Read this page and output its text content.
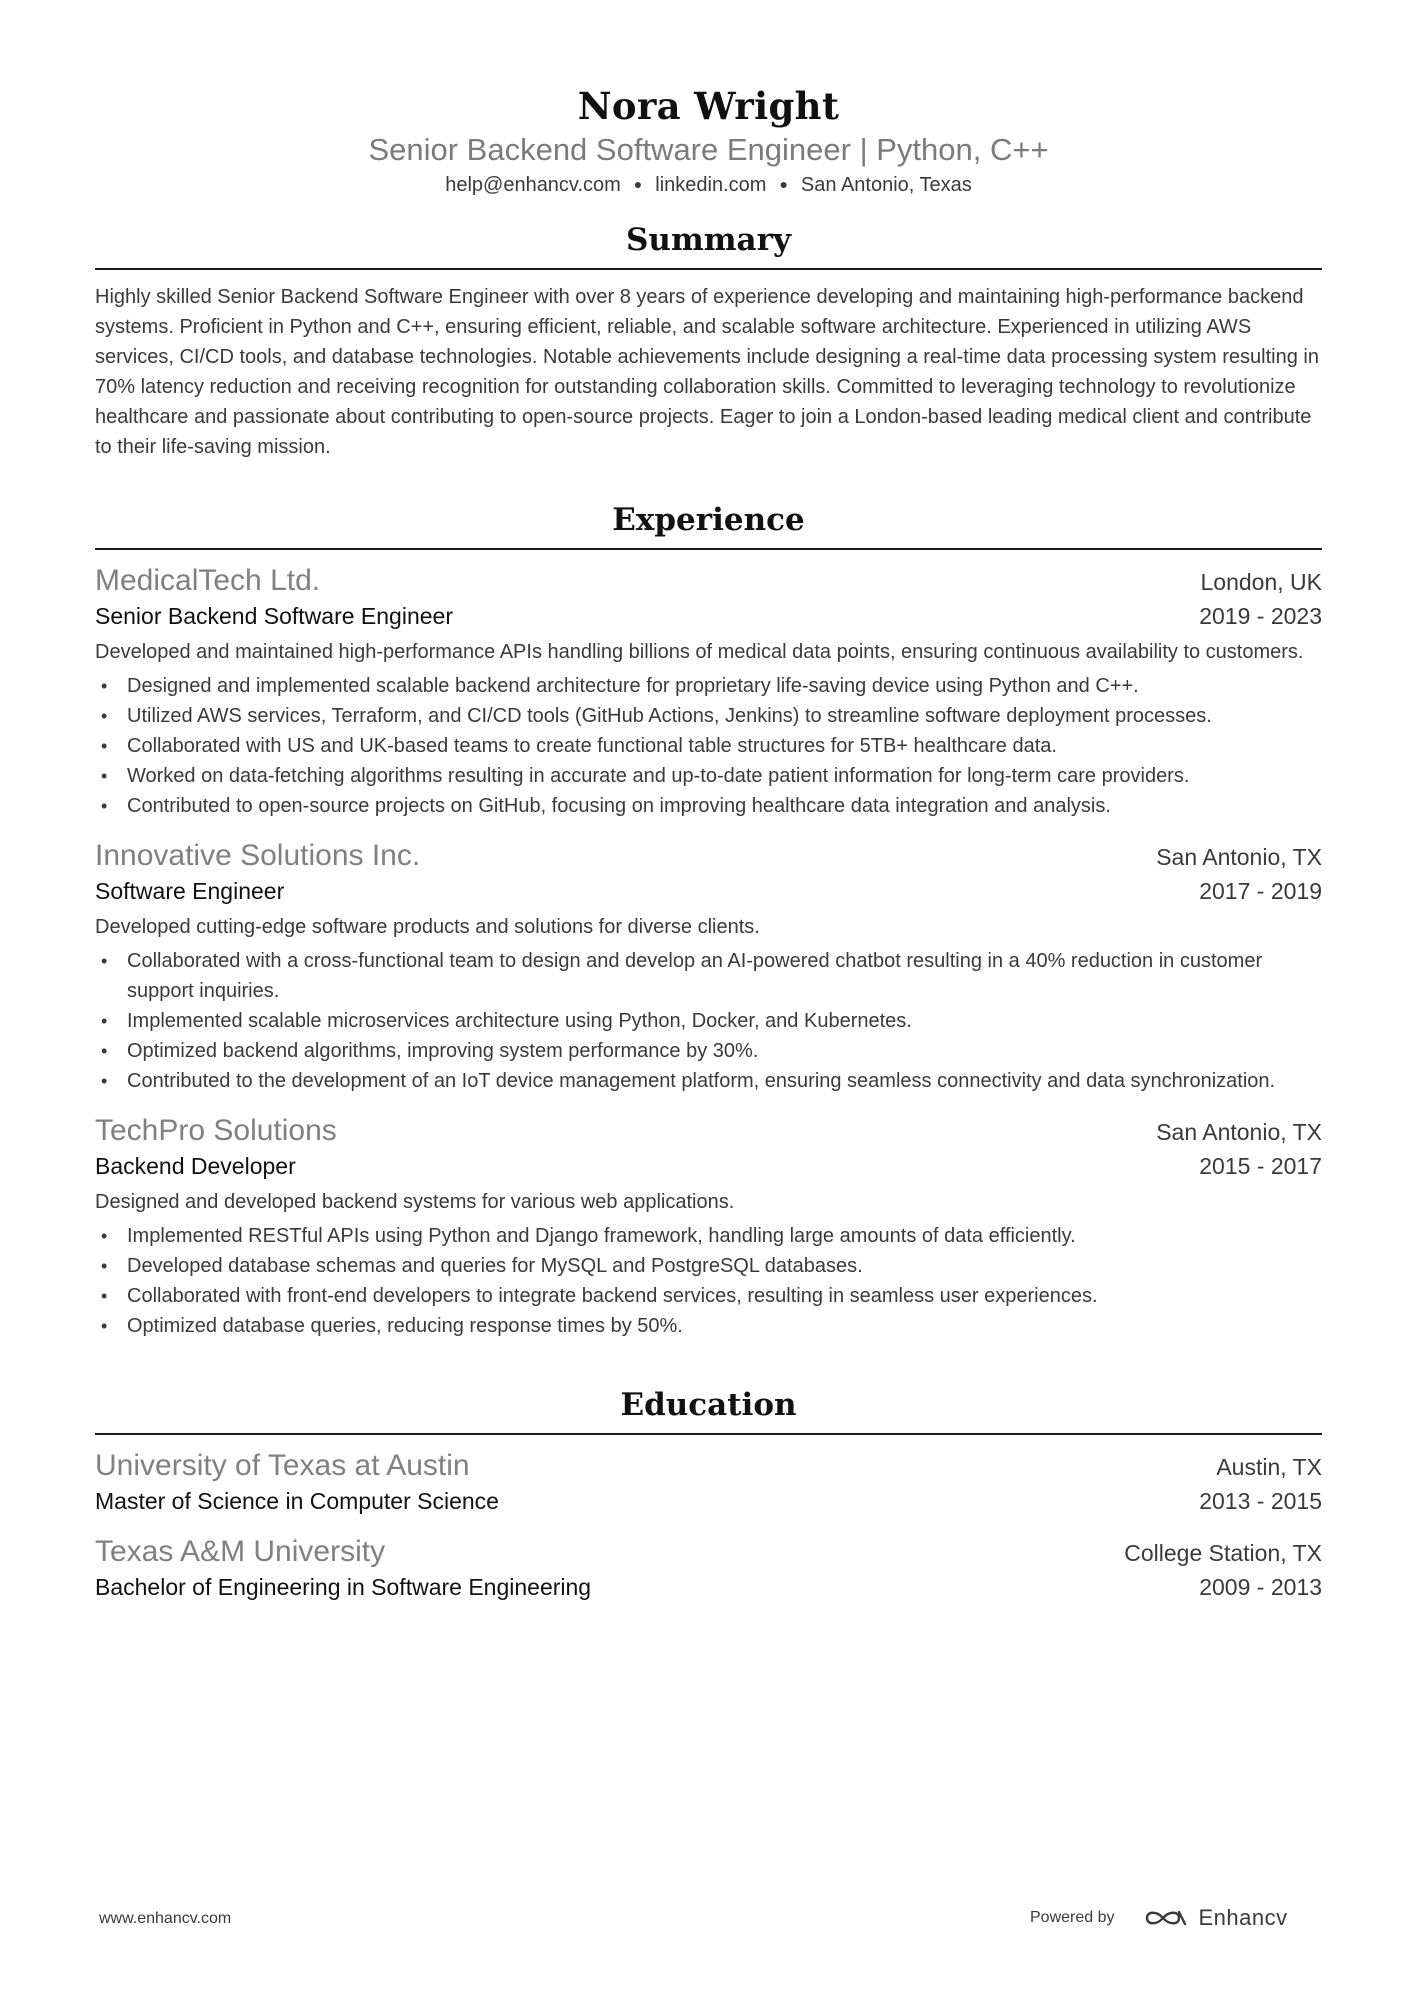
Nora Wright
Senior Backend Software Engineer | Python, C++
help@enhancv.com ● linkedin.com ● San Antonio, Texas
Summary
Highly skilled Senior Backend Software Engineer with over 8 years of experience developing and maintaining high-performance backend systems. Proficient in Python and C++, ensuring efficient, reliable, and scalable software architecture. Experienced in utilizing AWS services, CI/CD tools, and database technologies. Notable achievements include designing a real-time data processing system resulting in 70% latency reduction and receiving recognition for outstanding collaboration skills. Committed to leveraging technology to revolutionize healthcare and passionate about contributing to open-source projects. Eager to join a London-based leading medical client and contribute to their life-saving mission.
Experience
MedicalTech Ltd.	London, UK
Senior Backend Software Engineer	2019 - 2023
Developed and maintained high-performance APIs handling billions of medical data points, ensuring continuous availability to customers.
• Designed and implemented scalable backend architecture for proprietary life-saving device using Python and C++.
• Utilized AWS services, Terraform, and CI/CD tools (GitHub Actions, Jenkins) to streamline software deployment processes.
• Collaborated with US and UK-based teams to create functional table structures for 5TB+ healthcare data.
• Worked on data-fetching algorithms resulting in accurate and up-to-date patient information for long-term care providers.
• Contributed to open-source projects on GitHub, focusing on improving healthcare data integration and analysis.
Innovative Solutions Inc.	San Antonio, TX
Software Engineer	2017 - 2019
Developed cutting-edge software products and solutions for diverse clients.
• Collaborated with a cross-functional team to design and develop an AI-powered chatbot resulting in a 40% reduction in customer support inquiries.
• Implemented scalable microservices architecture using Python, Docker, and Kubernetes.
• Optimized backend algorithms, improving system performance by 30%.
• Contributed to the development of an IoT device management platform, ensuring seamless connectivity and data synchronization.
TechPro Solutions	San Antonio, TX
Backend Developer	2015 - 2017
Designed and developed backend systems for various web applications.
• Implemented RESTful APIs using Python and Django framework, handling large amounts of data efficiently.
• Developed database schemas and queries for MySQL and PostgreSQL databases.
• Collaborated with front-end developers to integrate backend services, resulting in seamless user experiences.
• Optimized database queries, reducing response times by 50%.
Education
University of Texas at Austin	Austin, TX
Master of Science in Computer Science	2013 - 2015
Texas A&M University	College Station, TX
Bachelor of Engineering in Software Engineering	2009 - 2013
www.enhancv.com	Powered by	Enhancv
